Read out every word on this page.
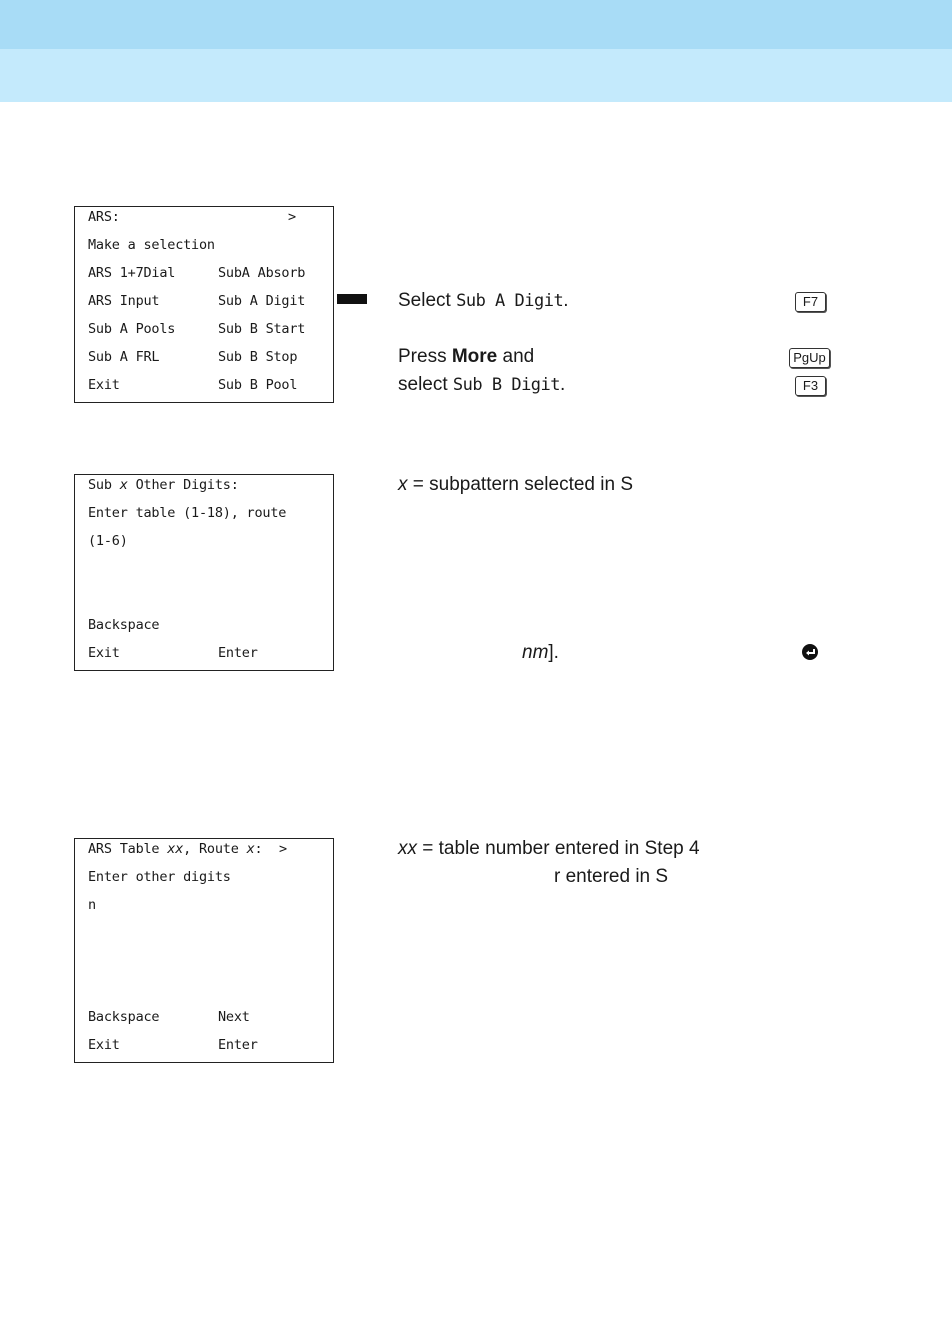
ARS:	>
Make a selection
ARS 1+7Dial	SubA Absorb
ARS Input	Sub A Digit
Sub A Pools	Sub B Start
Sub A FRL	Sub B Stop
Exit	Sub B Pool
Select Sub A Digit.	F7
Press More and	PgUp
select Sub B Digit.	F3
Sub x Other Digits:
Enter table (1-18), route
(1-6)
Backspace
Exit	Enter
x = subpattern selected in S
nm].
ARS Table xx, Route x: >
Enter other digits
n
Backspace	Next
Exit	Enter
xx = table number entered in Step 4
r entered in S
